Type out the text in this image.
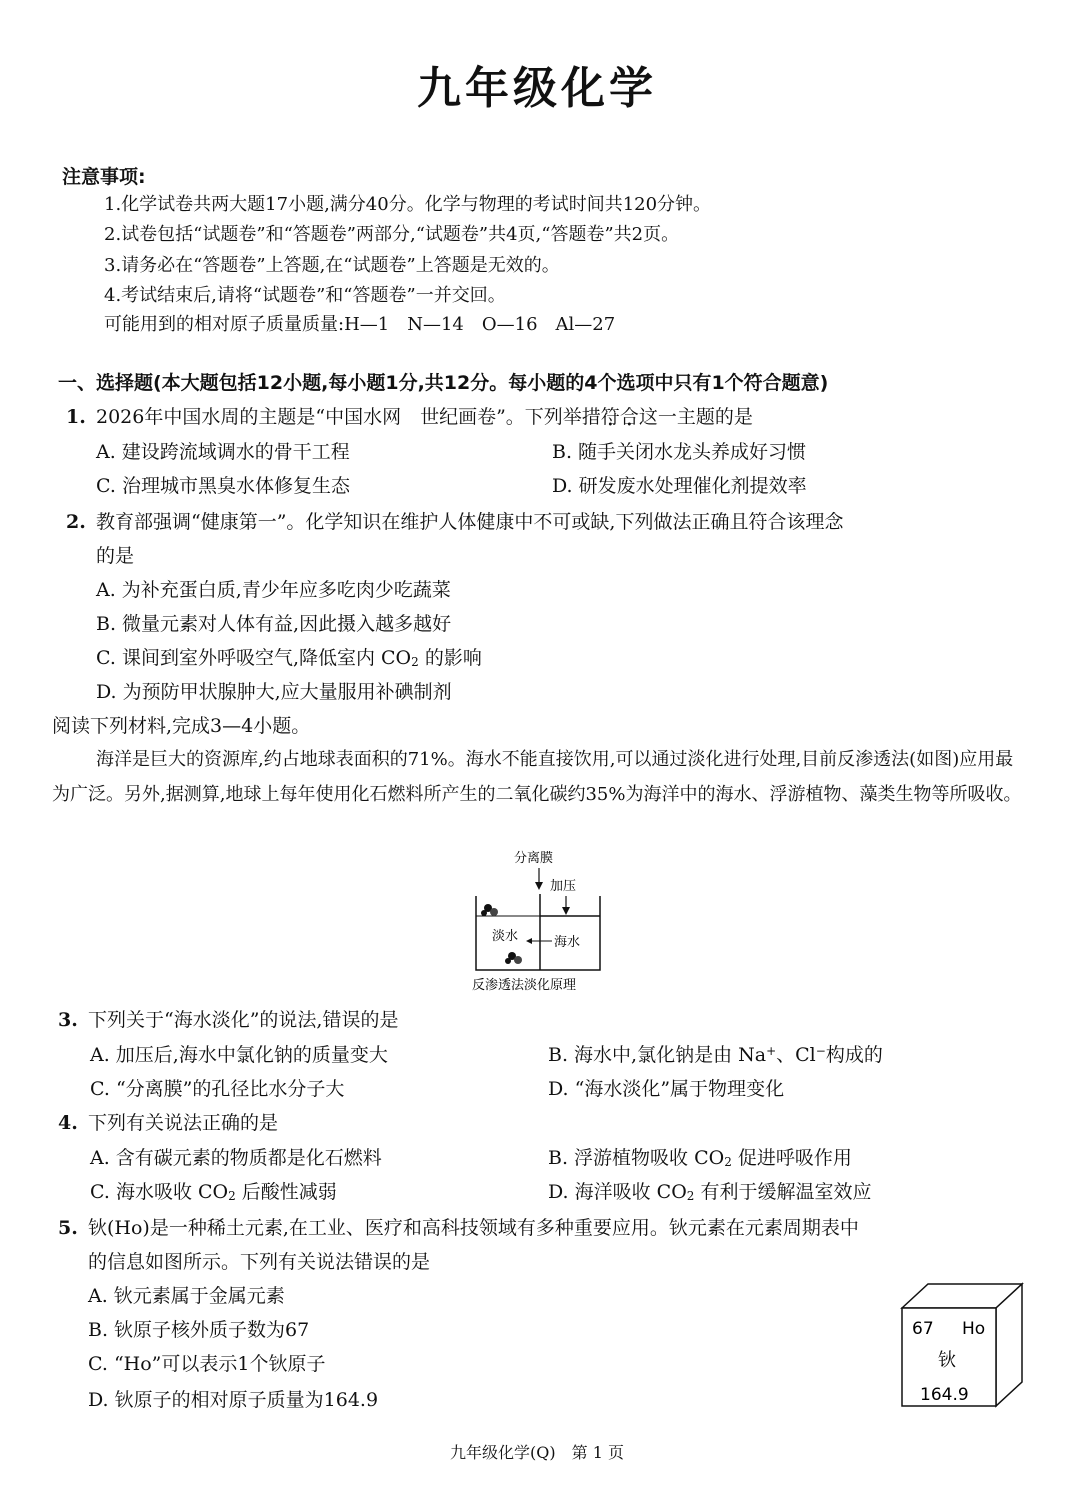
九年级化学
注意事项:
1.化学试卷共两大题17小题,满分40分。化学与物理的考试时间共120分钟。
2.试卷包括“试题卷”和“答题卷”两部分,“试题卷”共4页,“答题卷”共2页。
3.请务必在“答题卷”上答题,在“试题卷”上答题是无效的。
4.考试结束后,请将“试题卷”和“答题卷”一并交回。
可能用到的相对原子质量质量:H—1　N—14　O—16　Al—27
一、选择题(本大题包括12小题,每小题1分,共12分。每小题的4个选项中只有1个符合题意)
1. 2026年中国水周的主题是“中国水网　世纪画卷”。下列举措符合这一主题的是
A. 建设跨流域调水的骨干工程	B. 随手关闭水龙头养成好习惯
C. 治理城市黑臭水体修复生态	D. 研发废水处理催化剂提效率
2. 教育部强调“健康第一”。化学知识在维护人体健康中不可或缺,下列做法正确且符合该理念
的是
A. 为补充蛋白质,青少年应多吃肉少吃蔬菜
B. 微量元素对人体有益,因此摄入越多越好
C. 课间到室外呼吸空气,降低室内 CO2 的影响
D. 为预防甲状腺肿大,应大量服用补碘制剂
阅读下列材料,完成3—4小题。
海洋是巨大的资源库,约占地球表面积的71%。海水不能直接饮用,可以通过淡化进行处理,目前反渗透法(如图)应用最为广泛。另外,据测算,地球上每年使用化石燃料所产生的二氧化碳约35%为海洋中的海水、浮游植物、藻类生物等所吸收。
分离膜
加压
淡水	海水
反渗透法淡化原理
3. 下列关于“海水淡化”的说法,错误的是
A. 加压后,海水中氯化钠的质量变大	B. 海水中,氯化钠是由 Na+、Cl−构成的
C. “分离膜”的孔径比水分子大	D. “海水淡化”属于物理变化
4. 下列有关说法正确的是
A. 含有碳元素的物质都是化石燃料	B. 浮游植物吸收 CO2 促进呼吸作用
C. 海水吸收 CO2 后酸性减弱	D. 海洋吸收 CO2 有利于缓解温室效应
5. 钬(Ho)是一种稀土元素,在工业、医疗和高科技领域有多种重要应用。钬元素在元素周期表中
的信息如图所示。下列有关说法错误的是
A. 钬元素属于金属元素
B. 钬原子核外质子数为67
C. “Ho”可以表示1个钬原子
D. 钬原子的相对原子质量为164.9
67 Ho
钬
164.9
九年级化学(Q)　第 1 页
